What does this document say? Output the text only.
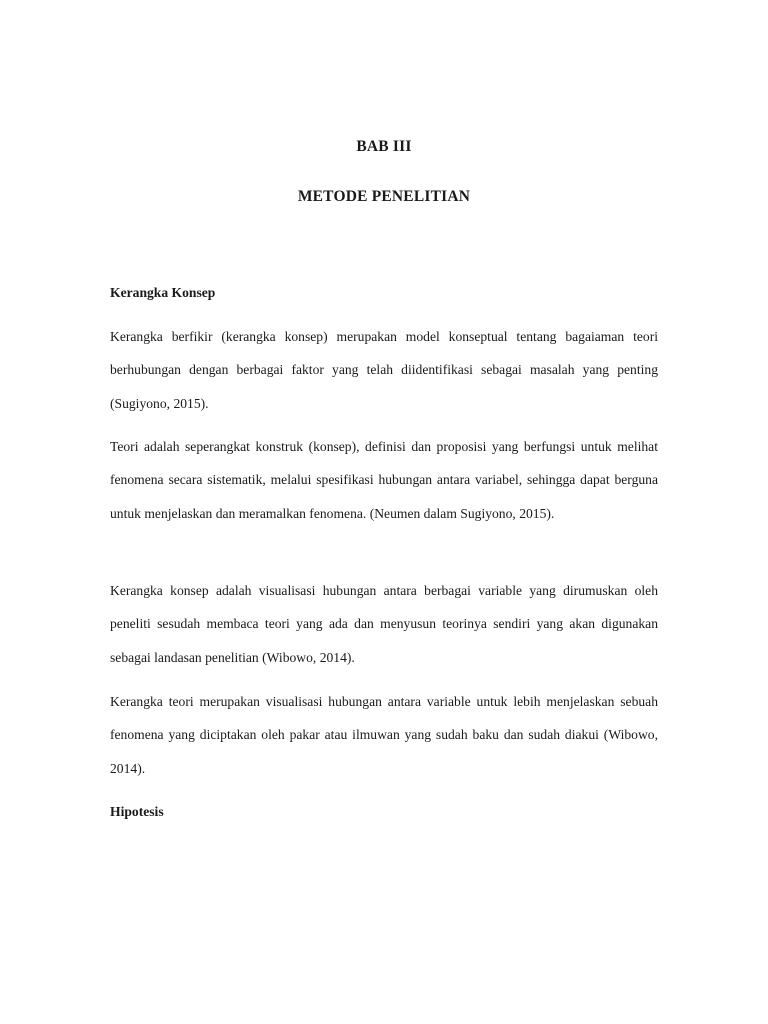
BAB III
METODE PENELITIAN
Kerangka Konsep

Kerangka berfikir (kerangka konsep) merupakan model konseptual tentang bagaiaman teori berhubungan dengan berbagai faktor yang telah diidentifikasi sebagai masalah yang penting (Sugiyono, 2015).

Teori adalah seperangkat konstruk (konsep), definisi dan proposisi yang berfungsi untuk melihat fenomena secara sistematik, melalui spesifikasi hubungan antara variabel, sehingga dapat berguna untuk menjelaskan dan meramalkan fenomena. (Neumen dalam Sugiyono, 2015).

Kerangka konsep adalah visualisasi hubungan antara berbagai variable yang dirumuskan oleh peneliti sesudah membaca teori yang ada dan menyusun teorinya sendiri yang akan digunakan sebagai landasan penelitian (Wibowo, 2014).

Kerangka teori merupakan visualisasi hubungan antara variable untuk lebih menjelaskan sebuah fenomena yang diciptakan oleh pakar atau ilmuwan yang sudah baku dan sudah diakui (Wibowo, 2014).

Hipotesis
